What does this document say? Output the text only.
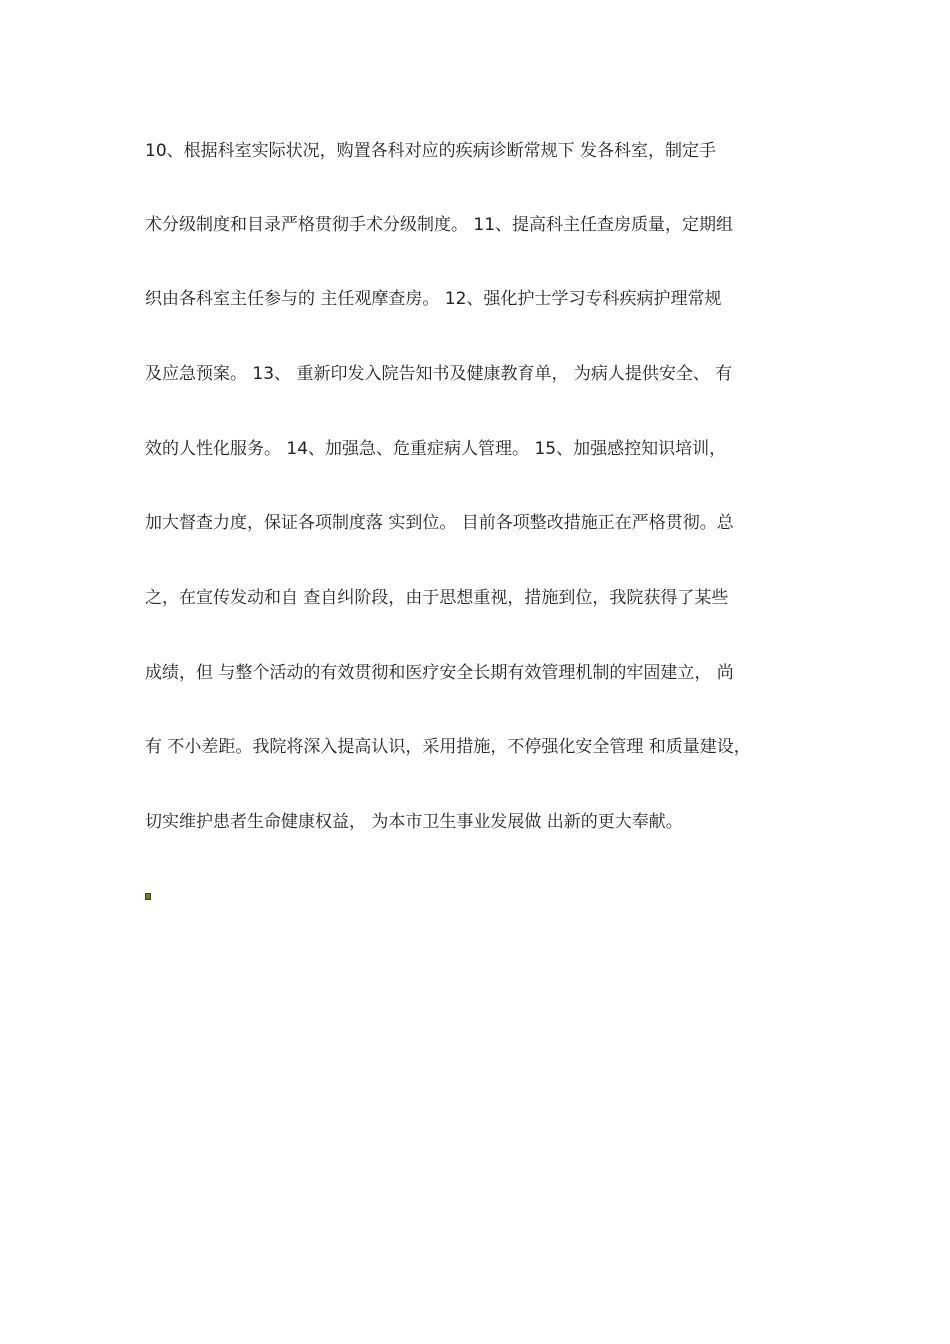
10、根据科室实际状况，购置各科对应的疾病诊断常规下 发各科室，制定手
术分级制度和目录严格贯彻手术分级制度。 11、提高科主任查房质量，定期组
织由各科室主任参与的 主任观摩查房。 12、强化护士学习专科疾病护理常规
及应急预案。 13、 重新印发入院告知书及健康教育单， 为病人提供安全、 有
效的人性化服务。 14、加强急、危重症病人管理。 15、加强感控知识培训，
加大督查力度，保证各项制度落 实到位。 目前各项整改措施正在严格贯彻。总
之，在宣传发动和自 查自纠阶段，由于思想重视，措施到位，我院获得了某些
成绩，但 与整个活动的有效贯彻和医疗安全长期有效管理机制的牢固建立， 尚
有 不小差距。我院将深入提高认识，采用措施，不停强化安全管理 和质量建设，
切实维护患者生命健康权益， 为本市卫生事业发展做 出新的更大奉献。
